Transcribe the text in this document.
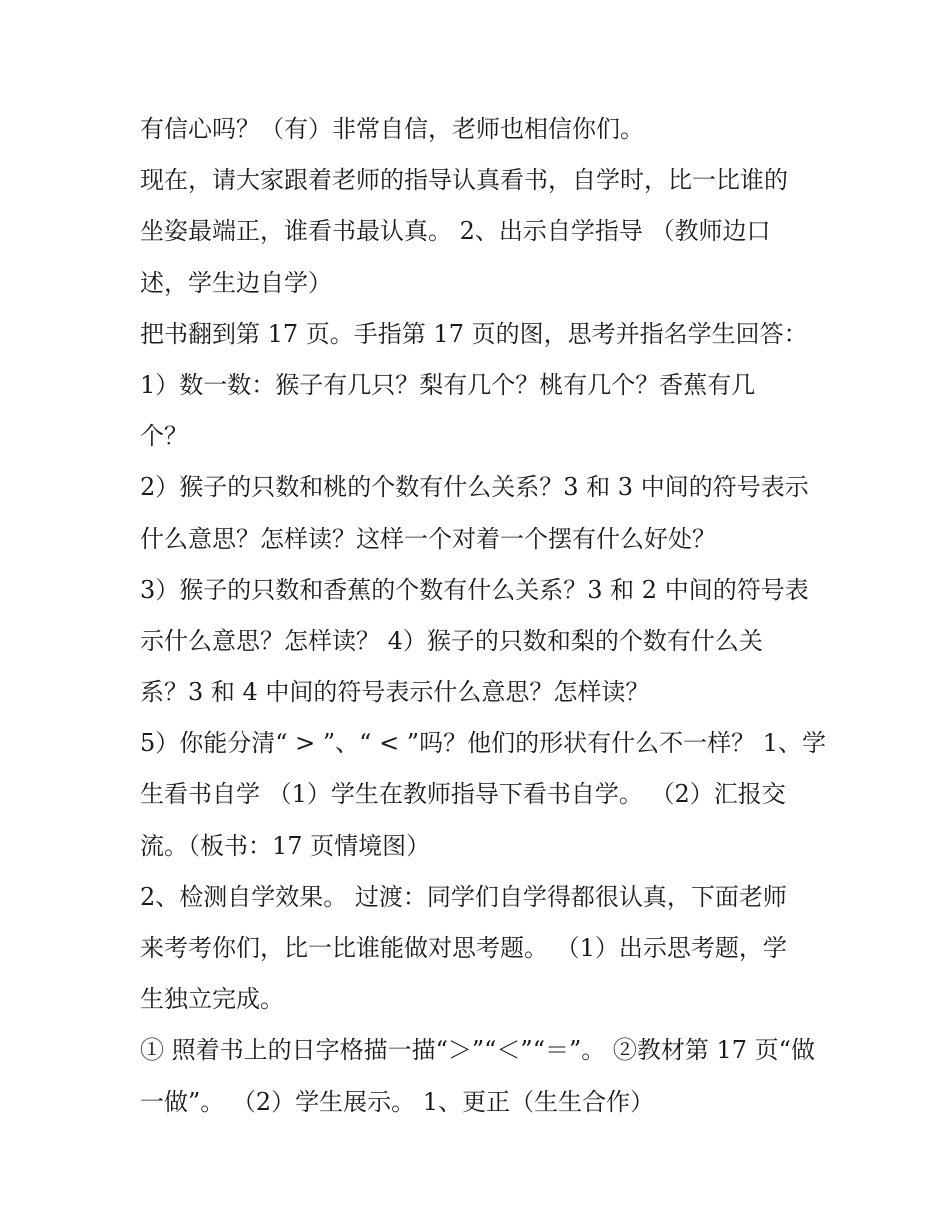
有信心吗？（有）非常自信，老师也相信你们。
现在，请大家跟着老师的指导认真看书，自学时，比一比谁的
坐姿最端正，谁看书最认真。 2、出示自学指导 （教师边口
述，学生边自学）
把书翻到第 17 页。手指第 17 页的图，思考并指名学生回答：
1）数一数：猴子有几只？梨有几个？桃有几个？香蕉有几
个？
2）猴子的只数和桃的个数有什么关系？3 和 3 中间的符号表示
什么意思？怎样读？这样一个对着一个摆有什么好处？
3）猴子的只数和香蕉的个数有什么关系？3 和 2 中间的符号表
示什么意思？怎样读？ 4）猴子的只数和梨的个数有什么关
系？3 和 4 中间的符号表示什么意思？怎样读？
5）你能分清“ > ”、“ < ”吗？他们的形状有什么不一样？ 1、学
生看书自学 （1）学生在教师指导下看书自学。 （2）汇报交
流。（板书：17 页情境图）
2、检测自学效果。 过渡：同学们自学得都很认真，下面老师
来考考你们，比一比谁能做对思考题。 （1）出示思考题，学
生独立完成。
① 照着书上的日字格描一描“＞”“＜”“＝”。 ②教材第 17 页“做
一做”。 （2）学生展示。 1、更正（生生合作）
